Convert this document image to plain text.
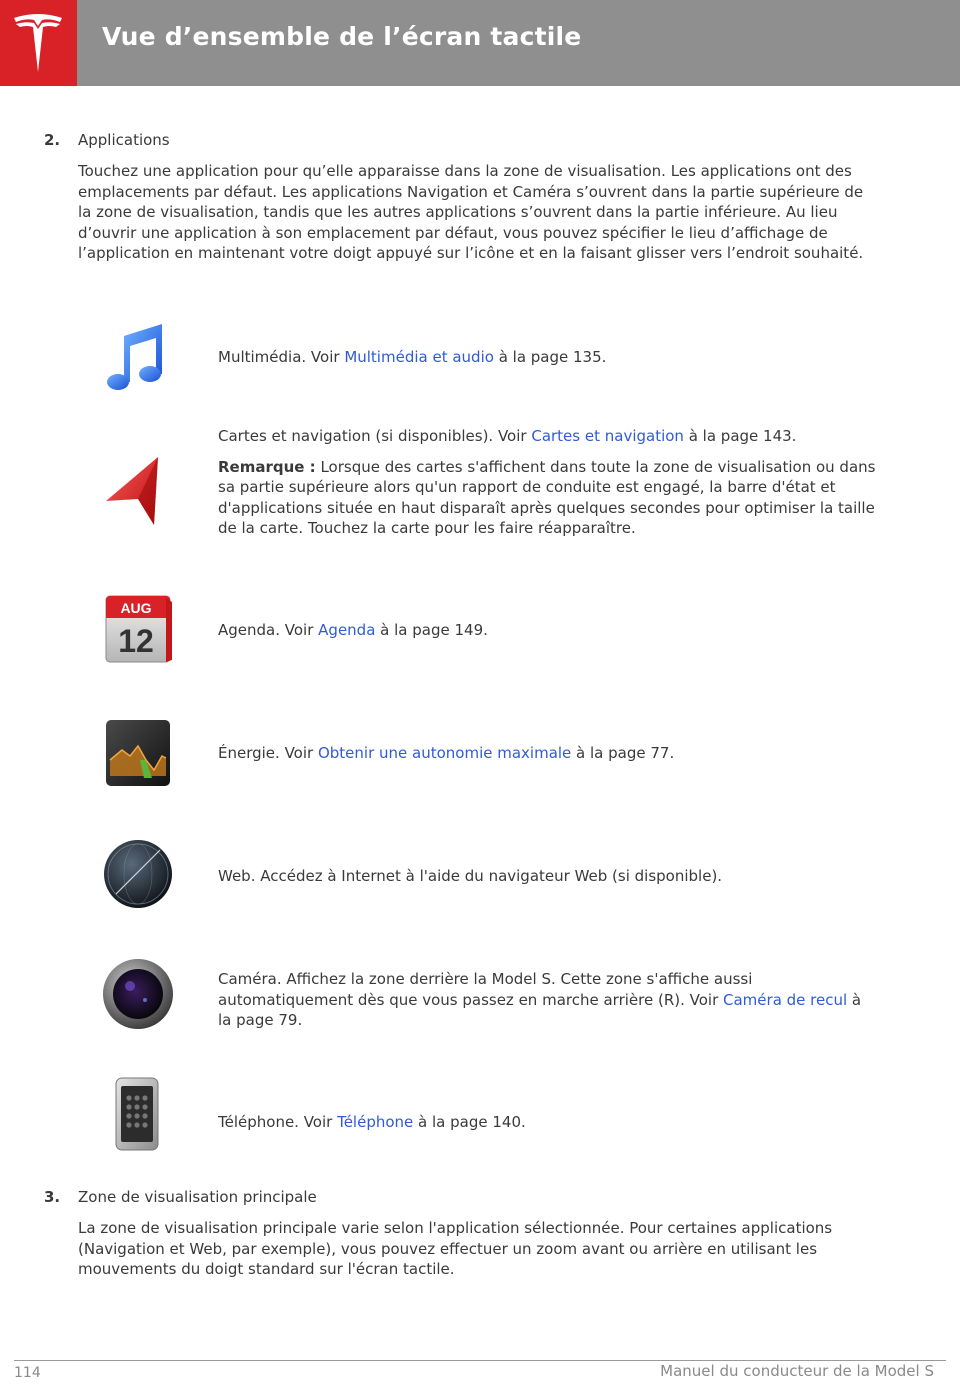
Vue d’ensemble de l’écran tactile
2. Applications
Touchez une application pour qu’elle apparaisse dans la zone de visualisation. Les applications ont des emplacements par défaut. Les applications Navigation et Caméra s’ouvrent dans la partie supérieure de la zone de visualisation, tandis que les autres applications s’ouvrent dans la partie inférieure. Au lieu d’ouvrir une application à son emplacement par défaut, vous pouvez spécifier le lieu d’affichage de l’application en maintenant votre doigt appuyé sur l’icône et en la faisant glisser vers l’endroit souhaité.

Multimédia. Voir Multimédia et audio à la page 135.

Cartes et navigation (si disponibles). Voir Cartes et navigation à la page 143.

Remarque : Lorsque des cartes s'affichent dans toute la zone de visualisation ou dans sa partie supérieure alors qu'un rapport de conduite est engagé, la barre d'état et d'applications située en haut disparaît après quelques secondes pour optimiser la taille de la carte. Touchez la carte pour les faire réapparaître.

AUG
12	Agenda. Voir Agenda à la page 149.

Énergie. Voir Obtenir une autonomie maximale à la page 77.

Web. Accédez à Internet à l'aide du navigateur Web (si disponible).

Caméra. Affichez la zone derrière la Model S. Cette zone s'affiche aussi automatiquement dès que vous passez en marche arrière (R). Voir Caméra de recul à la page 79.

Téléphone. Voir Téléphone à la page 140.

3. Zone de visualisation principale
La zone de visualisation principale varie selon l'application sélectionnée. Pour certaines applications (Navigation et Web, par exemple), vous pouvez effectuer un zoom avant ou arrière en utilisant les mouvements du doigt standard sur l'écran tactile.
114	Manuel du conducteur de la Model S
